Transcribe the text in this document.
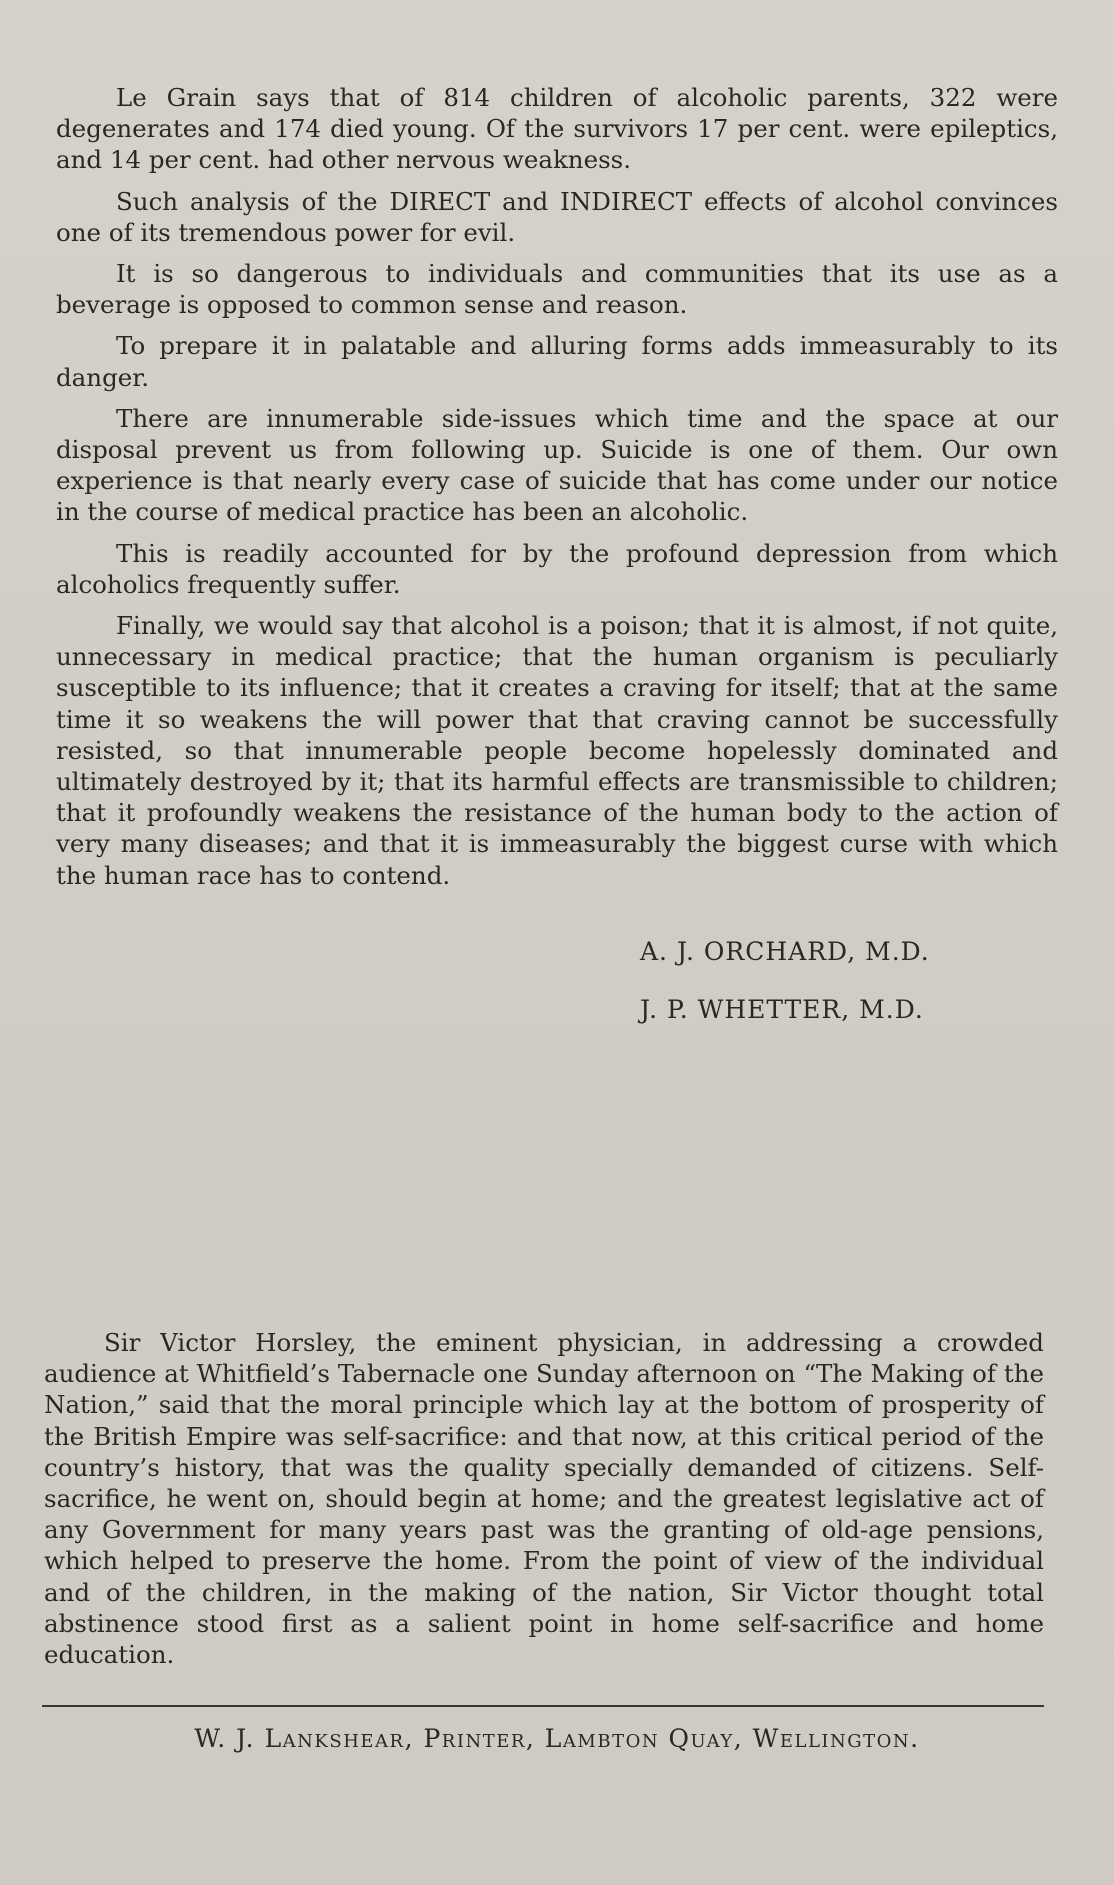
Le Grain says that of 814 children of alcoholic parents, 322 were degenerates and 174 died young. Of the survivors 17 per cent. were epileptics, and 14 per cent. had other nervous weakness.

Such analysis of the DIRECT and INDIRECT effects of alcohol convinces one of its tremendous power for evil.

It is so dangerous to individuals and communities that its use as a beverage is opposed to common sense and reason.

To prepare it in palatable and alluring forms adds immeasurably to its danger.

There are innumerable side-issues which time and the space at our disposal prevent us from following up. Suicide is one of them. Our own experience is that nearly every case of suicide that has come under our notice in the course of medical practice has been an alcoholic.

This is readily accounted for by the profound depression from which alcoholics frequently suffer.

Finally, we would say that alcohol is a poison; that it is almost, if not quite, unnecessary in medical practice; that the human organism is peculiarly susceptible to its influence; that it creates a craving for itself; that at the same time it so weakens the will power that that craving cannot be successfully resisted, so that innumerable people become hopelessly dominated and ultimately destroyed by it; that its harmful effects are transmissible to children; that it profoundly weakens the resistance of the human body to the action of very many diseases; and that it is immeasurably the biggest curse with which the human race has to contend.

A. J. ORCHARD, M.D.

J. P. WHETTER, M.D.

Sir Victor Horsley, the eminent physician, in addressing a crowded audience at Whitfield’s Tabernacle one Sunday afternoon on “The Making of the Nation,” said that the moral principle which lay at the bottom of prosperity of the British Empire was self-sacrifice: and that now, at this critical period of the country’s history, that was the quality specially demanded of citizens. Self-sacrifice, he went on, should begin at home; and the greatest legislative act of any Government for many years past was the granting of old-age pensions, which helped to preserve the home. From the point of view of the individual and of the children, in the making of the nation, Sir Victor thought total abstinence stood first as a salient point in home self-sacrifice and home education.

W. J. Lankshear, Printer, Lambton Quay, Wellington.
